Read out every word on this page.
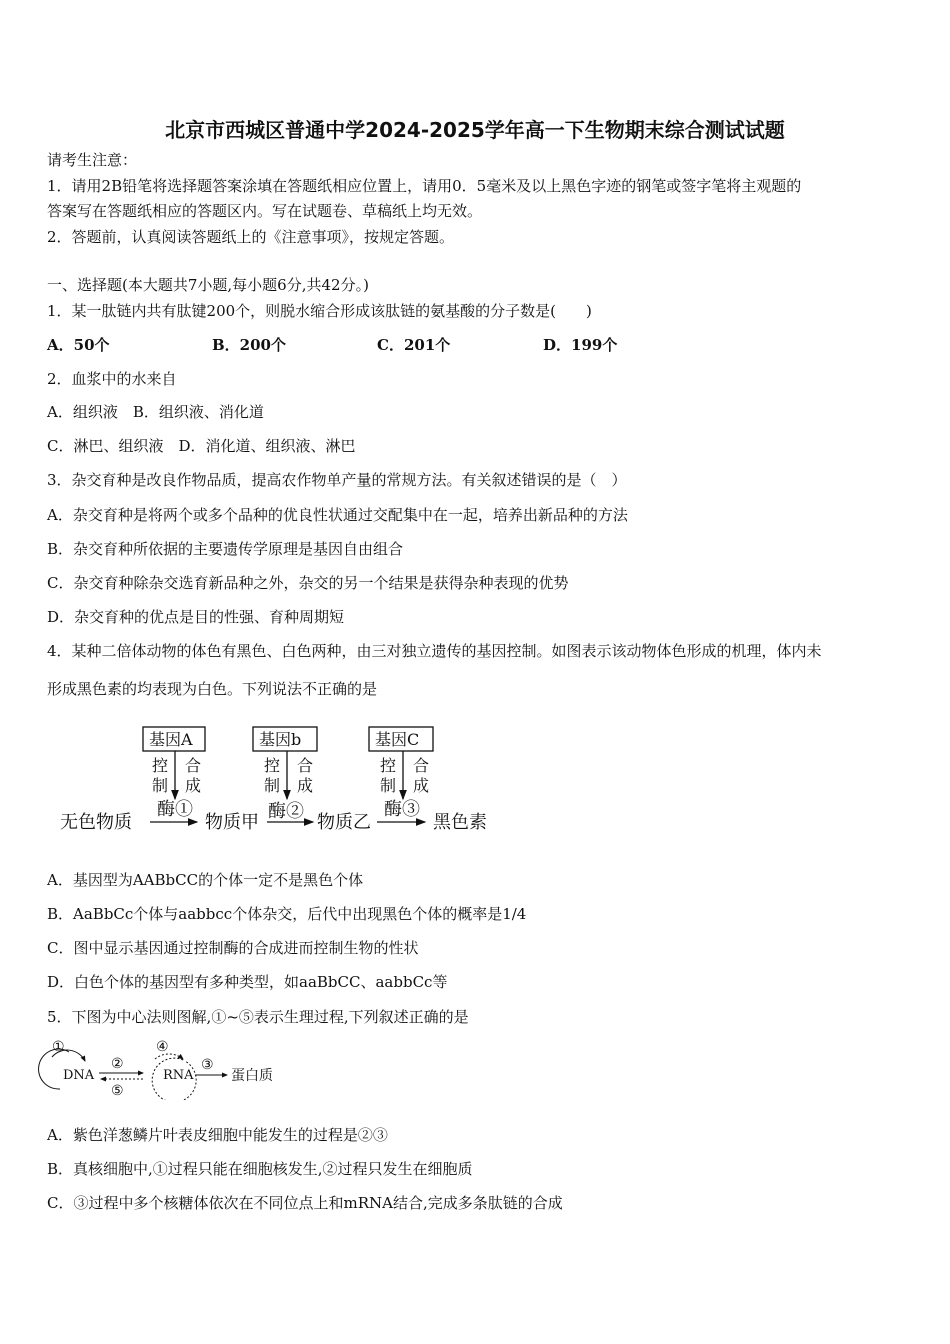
北京市西城区普通中学2024-2025学年高一下生物期末综合测试试题
请考生注意：
1．请用2B铅笔将选择题答案涂填在答题纸相应位置上，请用0．5毫米及以上黑色字迹的钢笔或签字笔将主观题的
答案写在答题纸相应的答题区内。写在试题卷、草稿纸上均无效。
2．答题前，认真阅读答题纸上的《注意事项》，按规定答题。
一、选择题(本大题共7小题,每小题6分,共42分。)
1．某一肽链内共有肽键200个，则脱水缩合形成该肽链的氨基酸的分子数是(　　)
A．50个	B．200个	C．201个	D．199个
2．血浆中的水来自
A．组织液　B．组织液、消化道
C．淋巴、组织液　D．消化道、组织液、淋巴
3．杂交育种是改良作物品质，提高农作物单产量的常规方法。有关叙述错误的是（　）
A．杂交育种是将两个或多个品种的优良性状通过交配集中在一起，培养出新品种的方法
B．杂交育种所依据的主要遗传学原理是基因自由组合
C．杂交育种除杂交选育新品种之外，杂交的另一个结果是获得杂种表现的优势
D．杂交育种的优点是目的性强、育种周期短
4．某种二倍体动物的体色有黑色、白色两种，由三对独立遗传的基因控制。如图表示该动物体色形成的机理，体内未
形成黑色素的均表现为白色。下列说法不正确的是
基因A	基因b	基因C
控
制
合
成
控
制
合
成
控
制
合
成
酶①	酶②	酶③
无色物质	物质甲	物质乙	黑色素
A．基因型为AABbCC的个体一定不是黑色个体
B．AaBbCc个体与aabbcc个体杂交，后代中出现黑色个体的概率是1/4
C．图中显示基因通过控制酶的合成进而控制生物的性状
D．白色个体的基因型有多种类型，如aaBbCC、aabbCc等
5．下图为中心法则图解,①~⑤表示生理过程,下列叙述正确的是
①
②	③
④
⑤
DNA	RNA	蛋白质
A．紫色洋葱鳞片叶表皮细胞中能发生的过程是②③
B．真核细胞中,①过程只能在细胞核发生,②过程只发生在细胞质
C．③过程中多个核糖体依次在不同位点上和mRNA结合,完成多条肽链的合成
